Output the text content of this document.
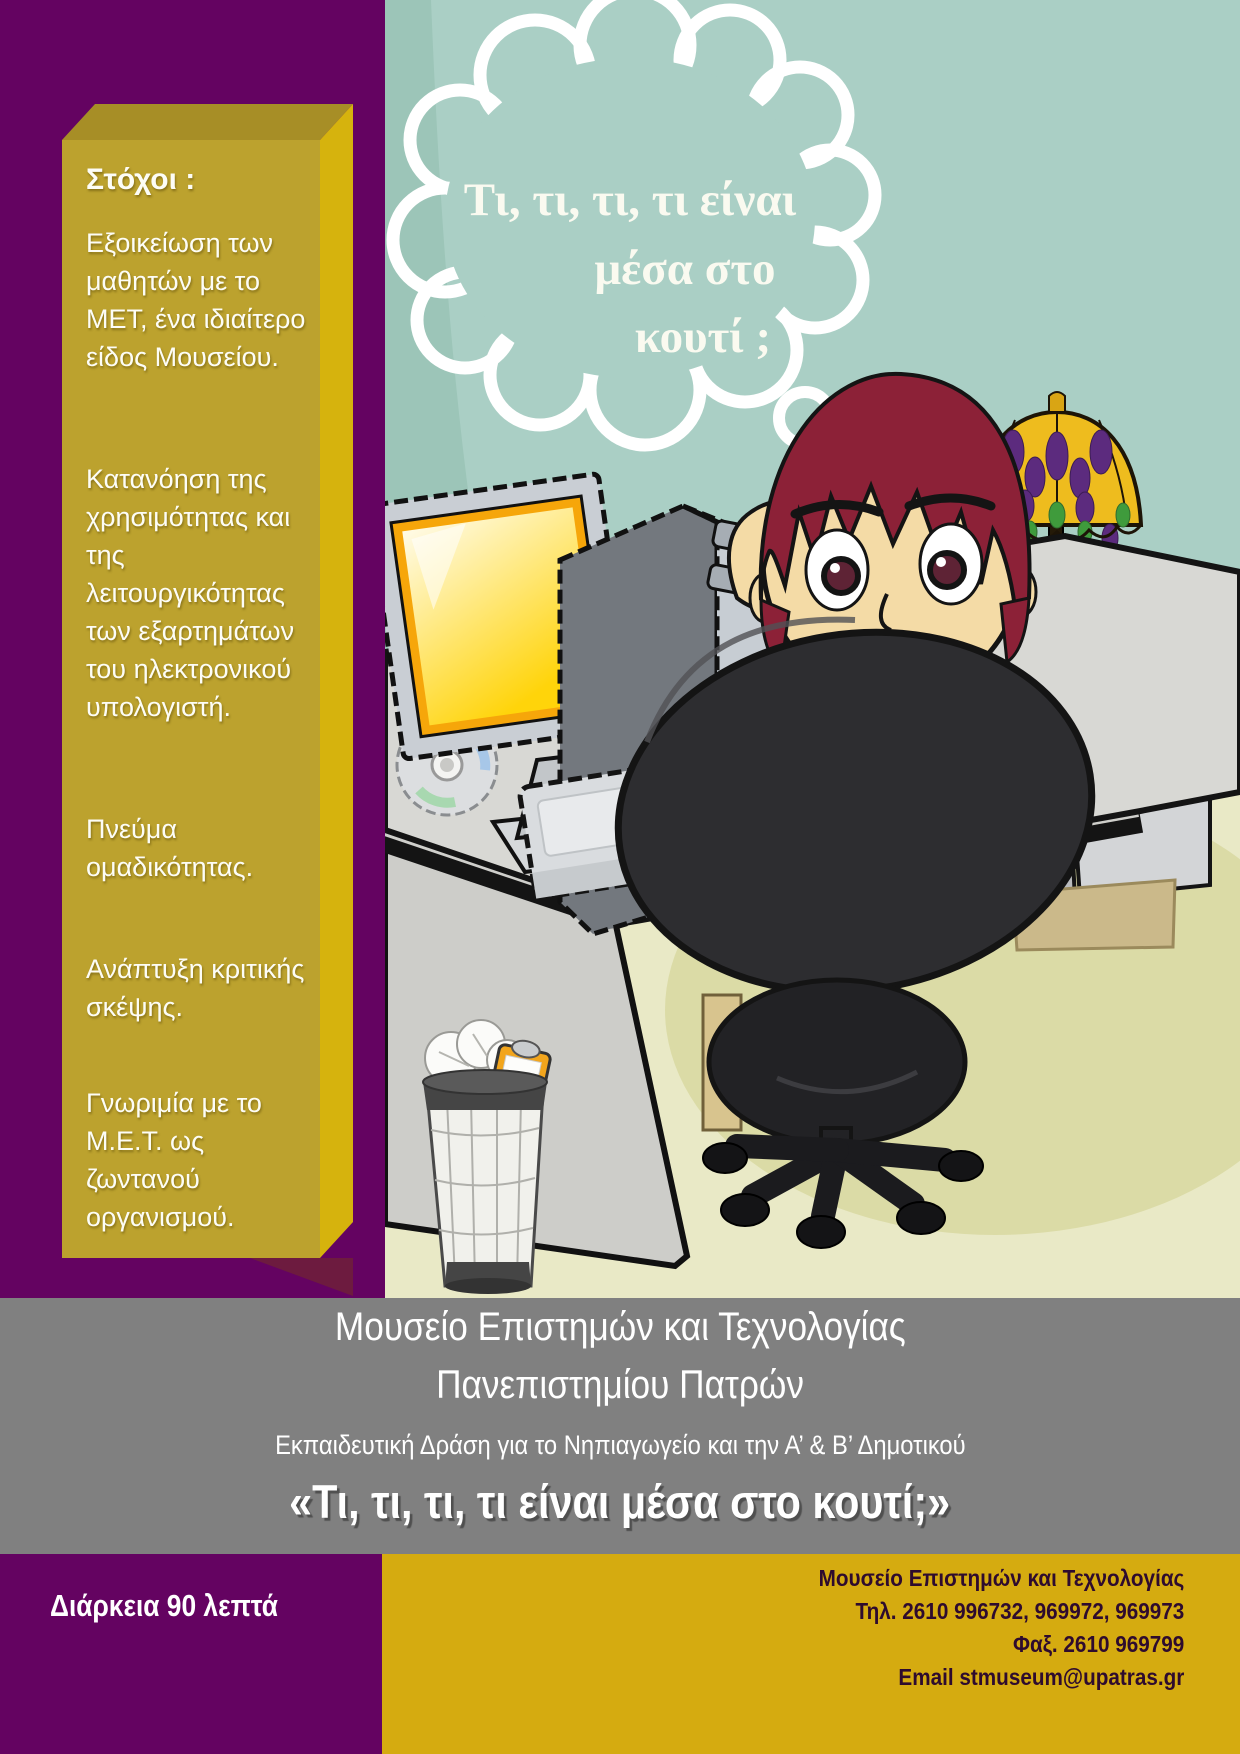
Τι, τι, τι, τι είναι
μέσα στο
κουτί ;
Στόχοι :

Εξοικείωση των μαθητών με το ΜΕΤ, ένα ιδιαίτερο είδος Μουσείου.

Κατανόηση της χρησιμότητας και της λειτουργικότητας των εξαρτημάτων του ηλεκτρονικού υπολογιστή.

Πνεύμα ομαδικότητας.

Ανάπτυξη κριτικής σκέψης.

Γνωριμία με το Μ.Ε.Τ. ως ζωντανού οργανισμού.

Μουσείο Επιστημών και Τεχνολογίας
Πανεπιστημίου Πατρών
Εκπαιδευτική Δράση για το Νηπιαγωγείο και την Α’ & Β’ Δημοτικού
«Τι, τι, τι, τι είναι μέσα στο κουτί;»
Διάρκεια 90 λεπτά
Μουσείο Επιστημών και Τεχνολογίας
Τηλ. 2610 996732, 969972, 969973
Φαξ. 2610 969799
Email stmuseum@upatras.gr
